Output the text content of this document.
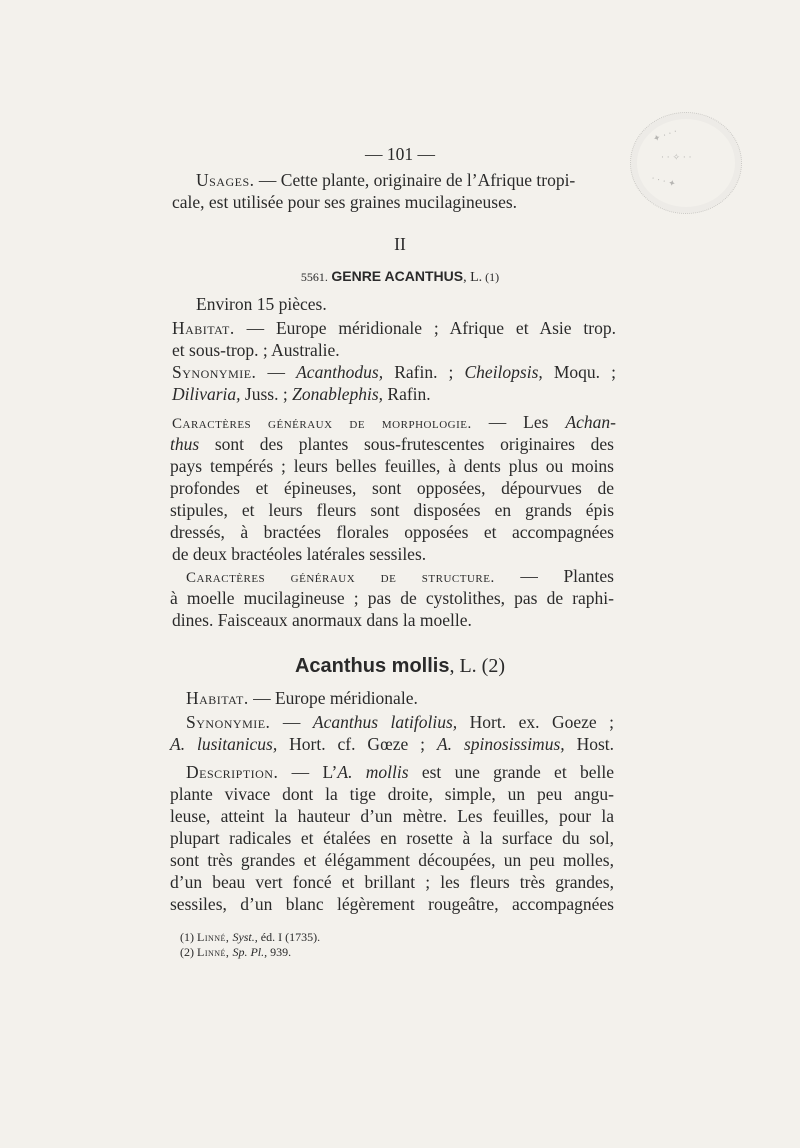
✦ · · ·
· · ✧ · ·
· · · ✦
— 101 —
Usages. — Cette plante, originaire de l’Afrique tropi-
cale, est utilisée pour ses graines mucilagineuses.
II
5561. GENRE ACANTHUS, L. (1)
Environ 15 pièces.
Habitat. — Europe méridionale ; Afrique et Asie trop.
et sous-trop. ; Australie.
Synonymie. — Acanthodus, Rafin. ; Cheilopsis, Moqu. ;
Dilivaria, Juss. ; Zonablephis, Rafin.
Caractères généraux de morphologie. — Les Achan-
thus sont des plantes sous-frutescentes originaires des
pays tempérés ; leurs belles feuilles, à dents plus ou moins
profondes et épineuses, sont opposées, dépourvues de
stipules, et leurs fleurs sont disposées en grands épis
dressés, à bractées florales opposées et accompagnées
de deux bractéoles latérales sessiles.
Caractères généraux de structure. — Plantes
à moelle mucilagineuse ; pas de cystolithes, pas de raphi-
dines. Faisceaux anormaux dans la moelle.
Acanthus mollis, L. (2)
Habitat. — Europe méridionale.
Synonymie. — Acanthus latifolius, Hort. ex. Goeze ;
A. lusitanicus, Hort. cf. Gœze ; A. spinosissimus, Host.
Description. — L’A. mollis est une grande et belle
plante vivace dont la tige droite, simple, un peu angu-
leuse, atteint la hauteur d’un mètre. Les feuilles, pour la
plupart radicales et étalées en rosette à la surface du sol,
sont très grandes et élégamment découpées, un peu molles,
d’un beau vert foncé et brillant ; les fleurs très grandes,
sessiles, d’un blanc légèrement rougeâtre, accompagnées
(1) Linné, Syst., éd. I (1735).
(2) Linné, Sp. Pl., 939.
